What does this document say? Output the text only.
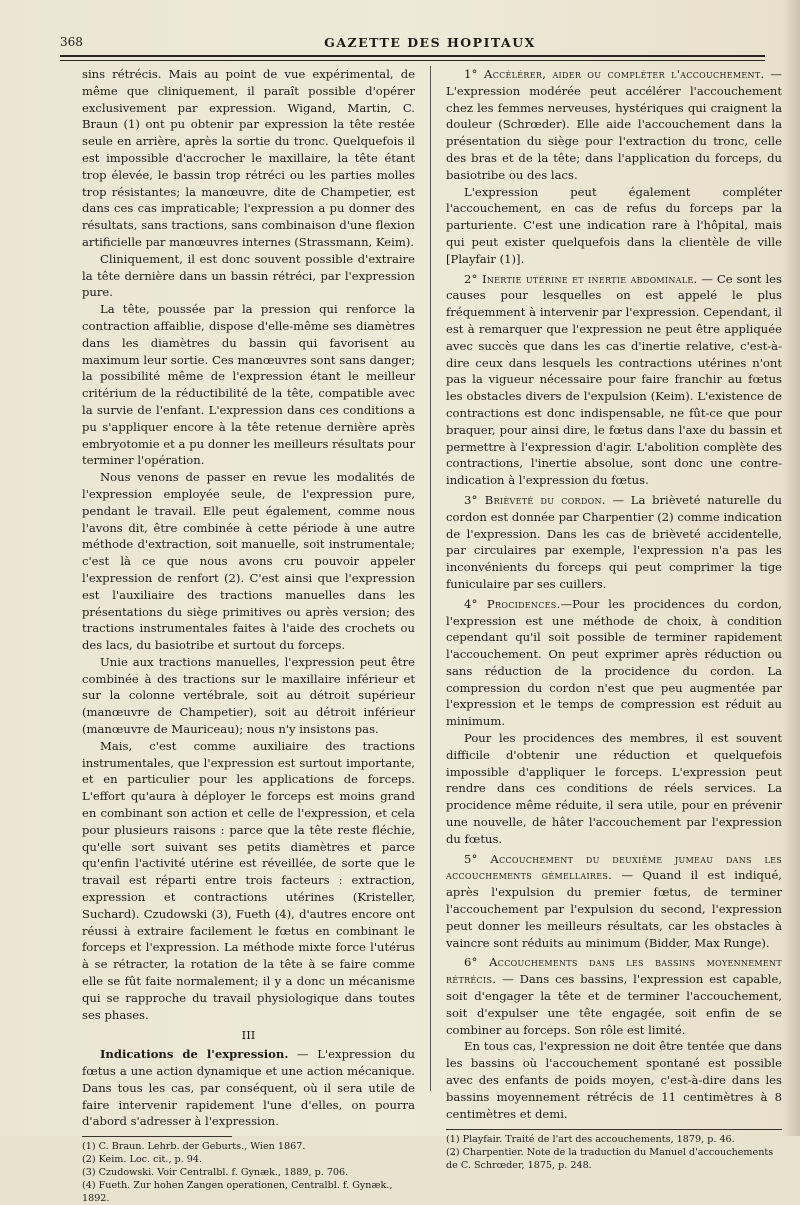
368	GAZETTE DES HOPITAUX

sins rétrécis. Mais au point de vue expérimental, de même que cliniquement, il paraît possible d'opérer exclusivement par expression. Wigand, Martin, C. Braun (1) ont pu obtenir par expression la tête restée seule en arrière, après la sortie du tronc. Quelquefois il est impossible d'accrocher le maxillaire, la tête étant trop élevée, le bassin trop rétréci ou les parties molles trop résistantes; la manœuvre, dite de Champetier, est dans ces cas impraticable; l'expression a pu donner des résultats, sans tractions, sans combinaison d'une flexion artificielle par manœuvres internes (Strassmann, Keim).

Cliniquement, il est donc souvent possible d'extraire la tête dernière dans un bassin rétréci, par l'expression pure.

La tête, poussée par la pression qui renforce la contraction affaiblie, dispose d'elle-même ses diamètres dans les diamètres du bassin qui favorisent au maximum leur sortie. Ces manœuvres sont sans danger; la possibilité même de l'expression étant le meilleur critérium de la réductibilité de la tête, compatible avec la survie de l'enfant. L'expression dans ces conditions a pu s'appliquer encore à la tête retenue dernière après embryotomie et a pu donner les meilleurs résultats pour terminer l'opération.

Nous venons de passer en revue les modalités de l'expression employée seule, de l'expression pure, pendant le travail. Elle peut également, comme nous l'avons dit, être combinée à cette période à une autre méthode d'extraction, soit manuelle, soit instrumentale; c'est là ce que nous avons cru pouvoir appeler l'expression de renfort (2). C'est ainsi que l'expression est l'auxiliaire des tractions manuelles dans les présentations du siège primitives ou après version; des tractions instrumentales faites à l'aide des crochets ou des lacs, du basiotribe et surtout du forceps.

Unie aux tractions manuelles, l'expression peut être combinée à des tractions sur le maxillaire inférieur et sur la colonne vertébrale, soit au détroit supérieur (manœuvre de Champetier), soit au détroit inférieur (manœuvre de Mauriceau); nous n'y insistons pas.

Mais, c'est comme auxiliaire des tractions instrumentales, que l'expression est surtout importante, et en particulier pour les applications de forceps. L'effort qu'aura à déployer le forceps est moins grand en combinant son action et celle de l'expression, et cela pour plusieurs raisons : parce que la tête reste fléchie, qu'elle sort suivant ses petits diamètres et parce qu'enfin l'activité utérine est réveillée, de sorte que le travail est réparti entre trois facteurs : extraction, expression et contractions utérines (Kristeller, Suchard). Czudowski (3), Fueth (4), d'autres encore ont réussi à extraire facilement le fœtus en combinant le forceps et l'expression. La méthode mixte force l'utérus à se rétracter, la rotation de la tête à se faire comme elle se fût faite normalement; il y a donc un mécanisme qui se rapproche du travail physiologique dans toutes ses phases.

III

Indications de l'expression. — L'expression du fœtus a une action dynamique et une action mécanique. Dans tous les cas, par conséquent, où il sera utile de faire intervenir rapidement l'une d'elles, on pourra d'abord s'adresser à l'expression.

(1) C. Braun. Lehrb. der Geburts., Wien 1867.
(2) Keim. Loc. cit., p. 94.
(3) Czudowski. Voir Centralbl. f. Gynæk., 1889, p. 706.
(4) Fueth. Zur hohen Zangen operationen, Centralbl. f. Gynæk., 1892.

1° Accélérer, aider ou compléter l'accouchement. — L'expression modérée peut accélérer l'accouchement chez les femmes nerveuses, hystériques qui craignent la douleur (Schrœder). Elle aide l'accouchement dans la présentation du siège pour l'extraction du tronc, celle des bras et de la tête; dans l'application du forceps, du basiotribe ou des lacs.

L'expression peut également compléter l'accouchement, en cas de refus du forceps par la parturiente. C'est une indication rare à l'hôpital, mais qui peut exister quelquefois dans la clientèle de ville [Playfair (1)].

2° Inertie utérine et inertie abdominale. — Ce sont les causes pour lesquelles on est appelé le plus fréquemment à intervenir par l'expression. Cependant, il est à remarquer que l'expression ne peut être appliquée avec succès que dans les cas d'inertie relative, c'est-à-dire ceux dans lesquels les contractions utérines n'ont pas la vigueur nécessaire pour faire franchir au fœtus les obstacles divers de l'expulsion (Keim). L'existence de contractions est donc indispensable, ne fût-ce que pour braquer, pour ainsi dire, le fœtus dans l'axe du bassin et permettre à l'expression d'agir. L'abolition complète des contractions, l'inertie absolue, sont donc une contre-indication à l'expression du fœtus.

3° Brièveté du cordon. — La brièveté naturelle du cordon est donnée par Charpentier (2) comme indication de l'expression. Dans les cas de brièveté accidentelle, par circulaires par exemple, l'expression n'a pas les inconvénients du forceps qui peut comprimer la tige funiculaire par ses cuillers.

4° Procidences.—Pour les procidences du cordon, l'expression est une méthode de choix, à condition cependant qu'il soit possible de terminer rapidement l'accouchement. On peut exprimer après réduction ou sans réduction de la procidence du cordon. La compression du cordon n'est que peu augmentée par l'expression et le temps de compression est réduit au minimum.

Pour les procidences des membres, il est souvent difficile d'obtenir une réduction et quelquefois impossible d'appliquer le forceps. L'expression peut rendre dans ces conditions de réels services. La procidence même réduite, il sera utile, pour en prévenir une nouvelle, de hâter l'accouchement par l'expression du fœtus.

5° Accouchement du deuxième jumeau dans les accouchements gémellaires. — Quand il est indiqué, après l'expulsion du premier fœtus, de terminer l'accouchement par l'expulsion du second, l'expression peut donner les meilleurs résultats, car les obstacles à vaincre sont réduits au minimum (Bidder, Max Runge).

6° Accouchements dans les bassins moyennement rétrécis. — Dans ces bassins, l'expression est capable, soit d'engager la tête et de terminer l'accouchement, soit d'expulser une tête engagée, soit enfin de se combiner au forceps. Son rôle est limité.

En tous cas, l'expression ne doit être tentée que dans les bassins où l'accouchement spontané est possible avec des enfants de poids moyen, c'est-à-dire dans les bassins moyennement rétrécis de 11 centimètres à 8 centimètres et demi.

(1) Playfair. Traité de l'art des accouchements, 1879, p. 46.
(2) Charpentier. Note de la traduction du Manuel d'accouchements de C. Schrœder, 1875, p. 248.
